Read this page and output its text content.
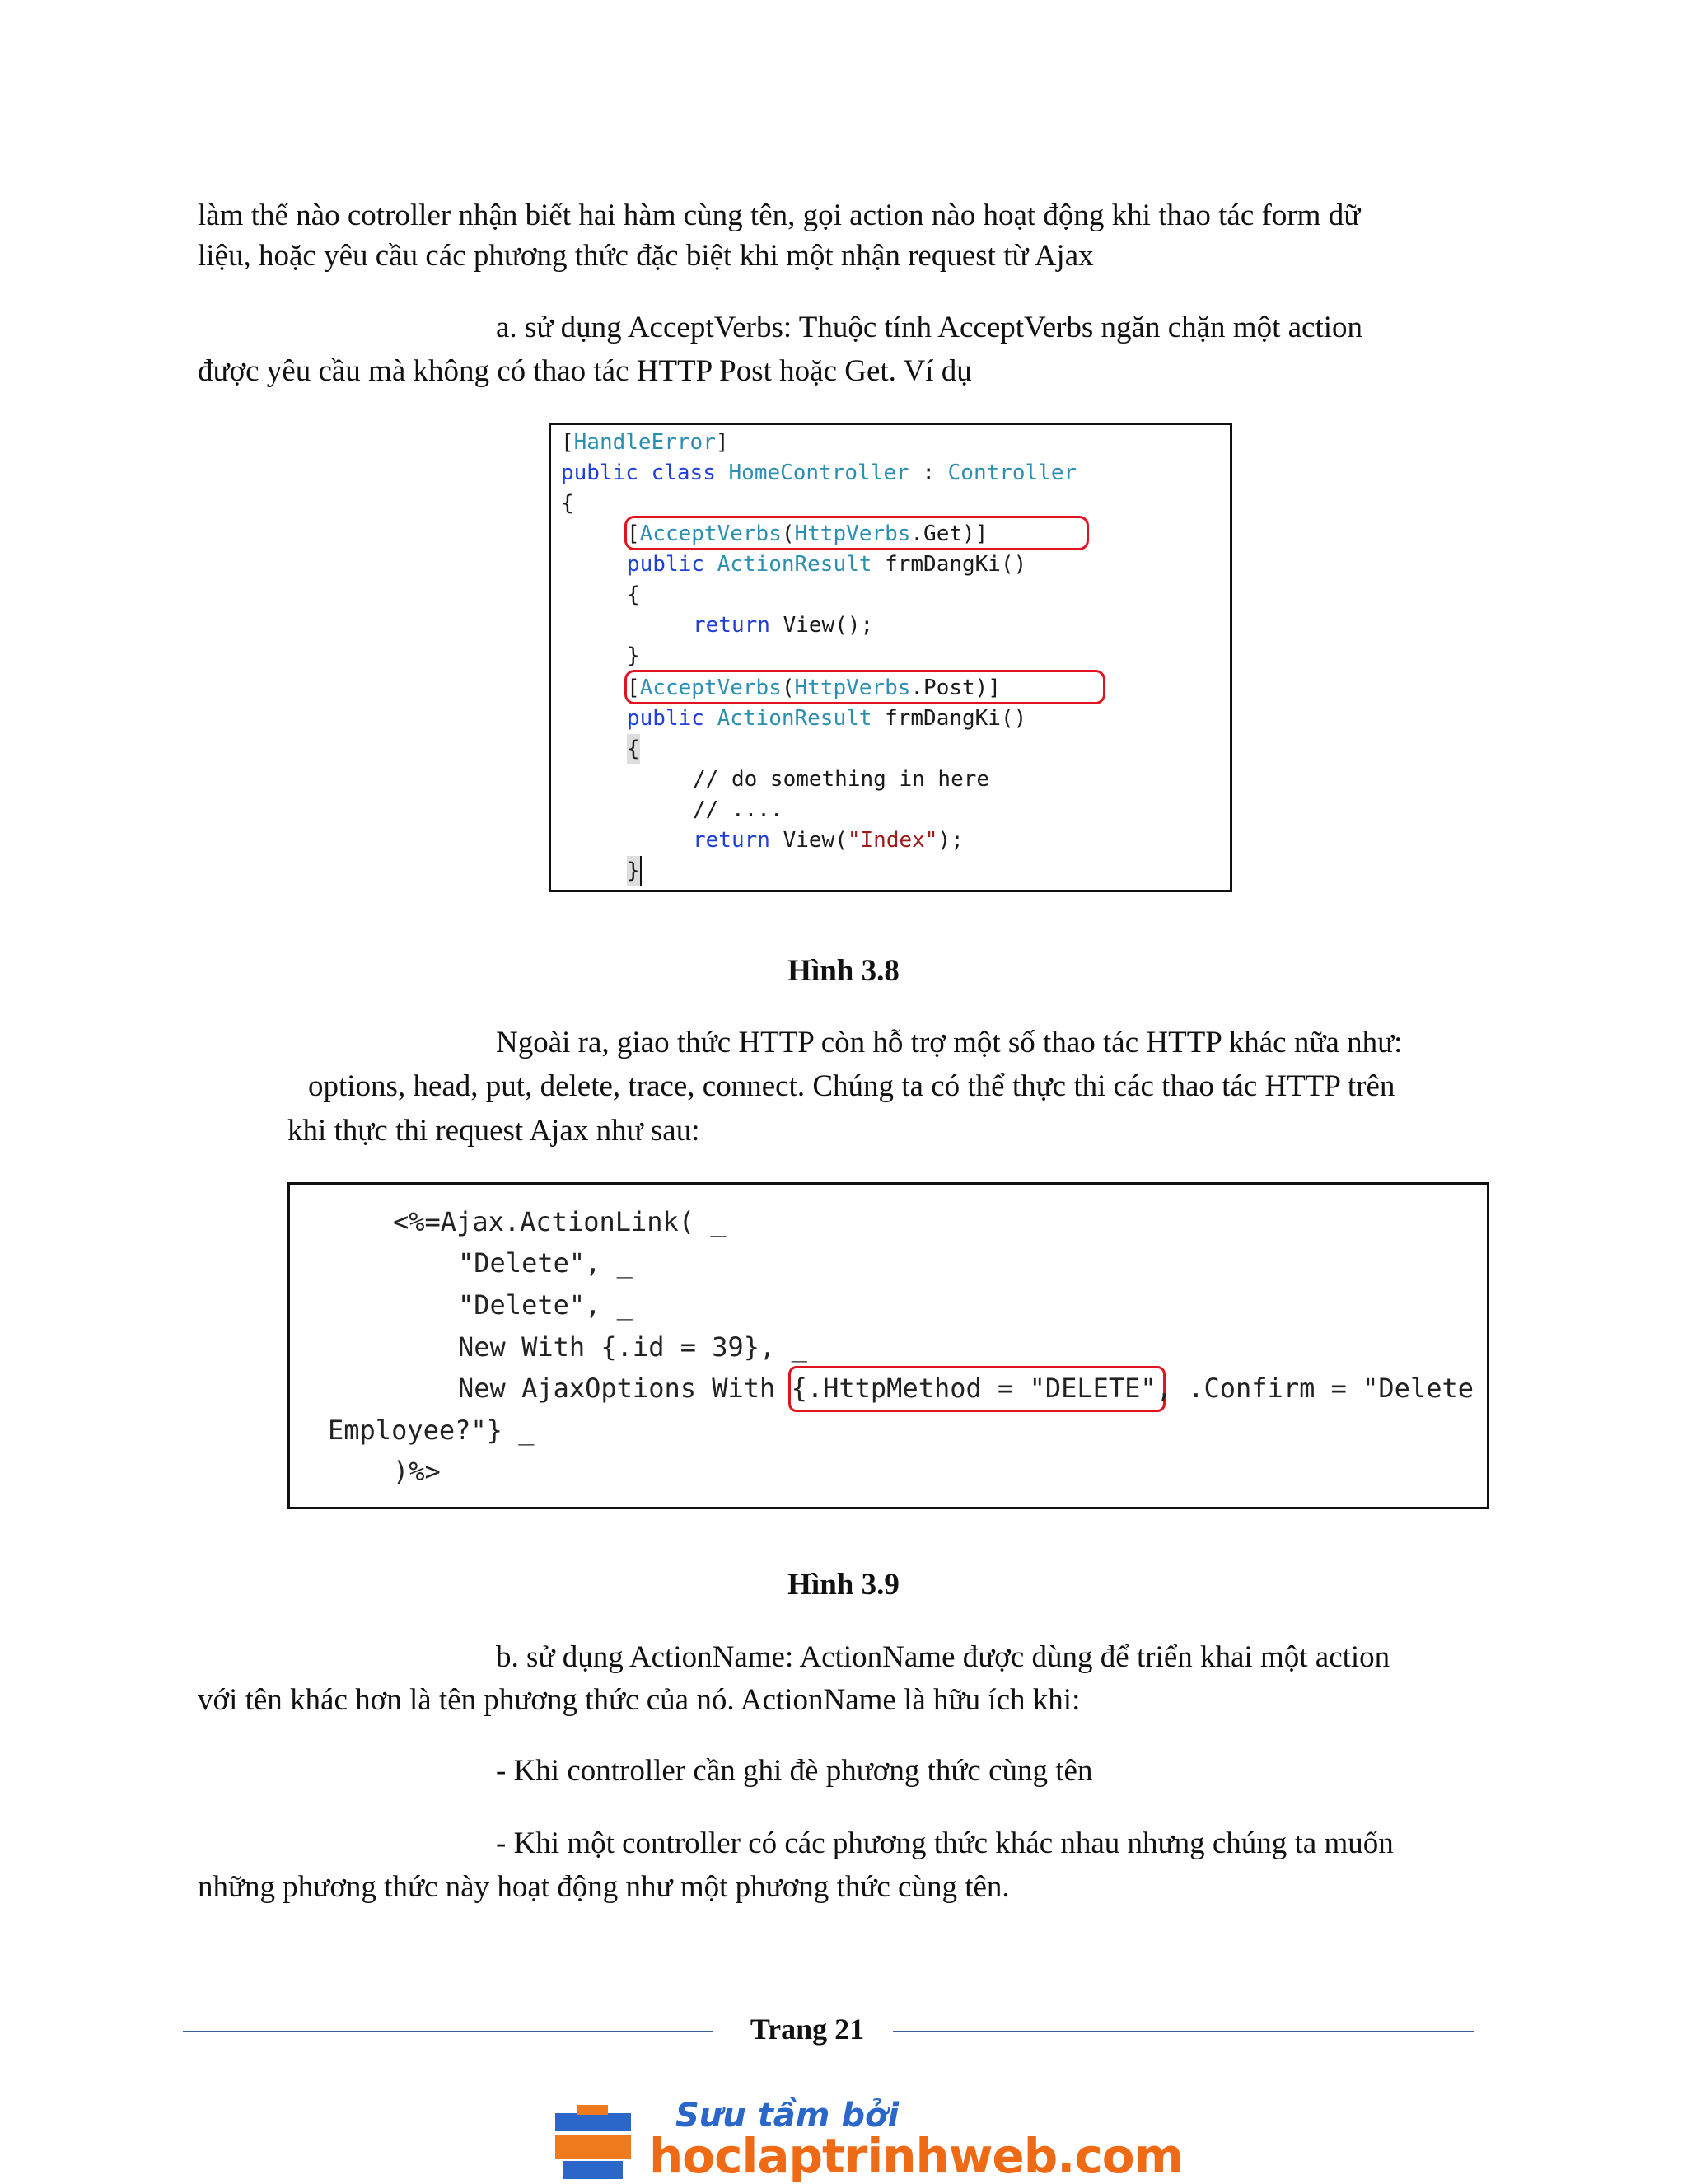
làm thế nào cotroller nhận biết hai hàm cùng tên, gọi action nào hoạt động khi thao tác form dữ

liệu, hoặc yêu cầu các phương thức đặc biệt khi một nhận request từ Ajax

a. sử dụng AcceptVerbs: Thuộc tính AcceptVerbs ngăn chặn một action

được yêu cầu mà không có thao tác HTTP Post hoặc Get. Ví dụ

[HandleError]
public class HomeController : Controller
{
[AcceptVerbs(HttpVerbs.Get)]
public ActionResult frmDangKi()
{
return View();
}
[AcceptVerbs(HttpVerbs.Post)]
public ActionResult frmDangKi()
{
// do something in here
// ....
return View("Index");
}
Hình 3.8

Ngoài ra, giao thức HTTP còn hỗ trợ một số thao tác HTTP khác nữa như:

options, head, put, delete, trace, connect. Chúng ta có thể thực thi các thao tác HTTP trên

khi thực thi request Ajax như sau:

<%=Ajax.ActionLink( _
"Delete", _
"Delete", _
New With {.id = 39}, _
New AjaxOptions With {.HttpMethod = "DELETE", .Confirm = "Delete
Employee?"} _
)%>
Hình 3.9

b. sử dụng ActionName: ActionName được dùng để triển khai một action

với tên khác hơn là tên phương thức của nó. ActionName là hữu ích khi:

- Khi controller cần ghi đè phương thức cùng tên

- Khi một controller có các phương thức khác nhau nhưng chúng ta muốn

những phương thức này hoạt động như một phương thức cùng tên.

Trang 21
Sưu tầm bởi
hoclaptrinhweb.com
